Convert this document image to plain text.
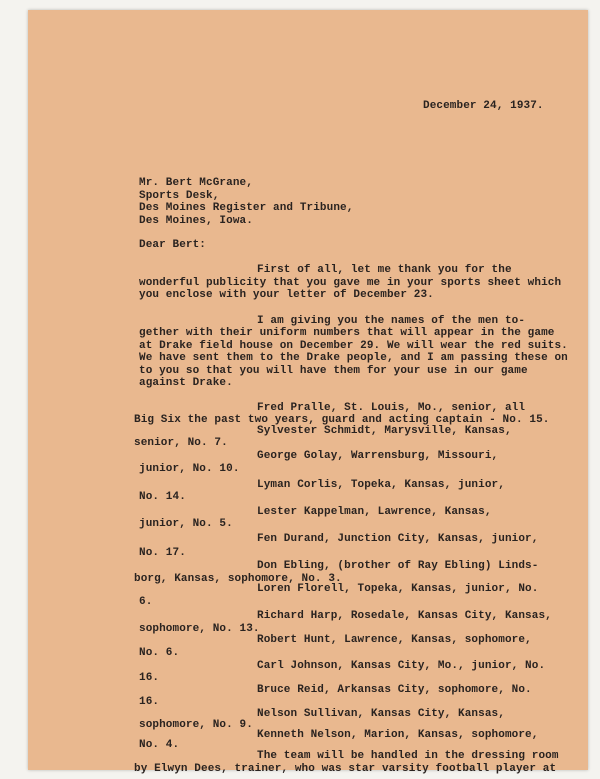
December 24, 1937.

Mr. Bert McGrane,

Sports Desk,

Des Moines Register and Tribune,

Des Moines, Iowa.

Dear Bert:

First of all, let me thank you for the

wonderful publicity that you gave me in your sports sheet which

you enclose with your letter of December 23.

I am giving you the names of the men to-

gether with their uniform numbers that will appear in the game

at Drake field house on December 29. We will wear the red suits.

We have sent them to the Drake people, and I am passing these on

to you so that you will have them for your use in our game

against Drake.

Fred Pralle, St. Louis, Mo., senior, all

Big Six the past two years, guard and acting captain - No. 15.

Sylvester Schmidt, Marysville, Kansas,

senior, No. 7.

George Golay, Warrensburg, Missouri,

junior, No. 10.

Lyman Corlis, Topeka, Kansas, junior,

No. 14.

Lester Kappelman, Lawrence, Kansas,

junior, No. 5.

Fen Durand, Junction City, Kansas, junior,

No. 17.

Don Ebling, (brother of Ray Ebling) Linds-

borg, Kansas, sophomore, No. 3.

Loren Florell, Topeka, Kansas, junior, No.

6.

Richard Harp, Rosedale, Kansas City, Kansas,

sophomore, No. 13.

Robert Hunt, Lawrence, Kansas, sophomore,

No. 6.

Carl Johnson, Kansas City, Mo., junior, No.

16.

Bruce Reid, Arkansas City, sophomore, No.

16.

Nelson Sullivan, Kansas City, Kansas,

sophomore, No. 9.

Kenneth Nelson, Marion, Kansas, sophomore,

No. 4.

The team will be handled in the dressing room

by Elwyn Dees, trainer, who was star varsity football player at
